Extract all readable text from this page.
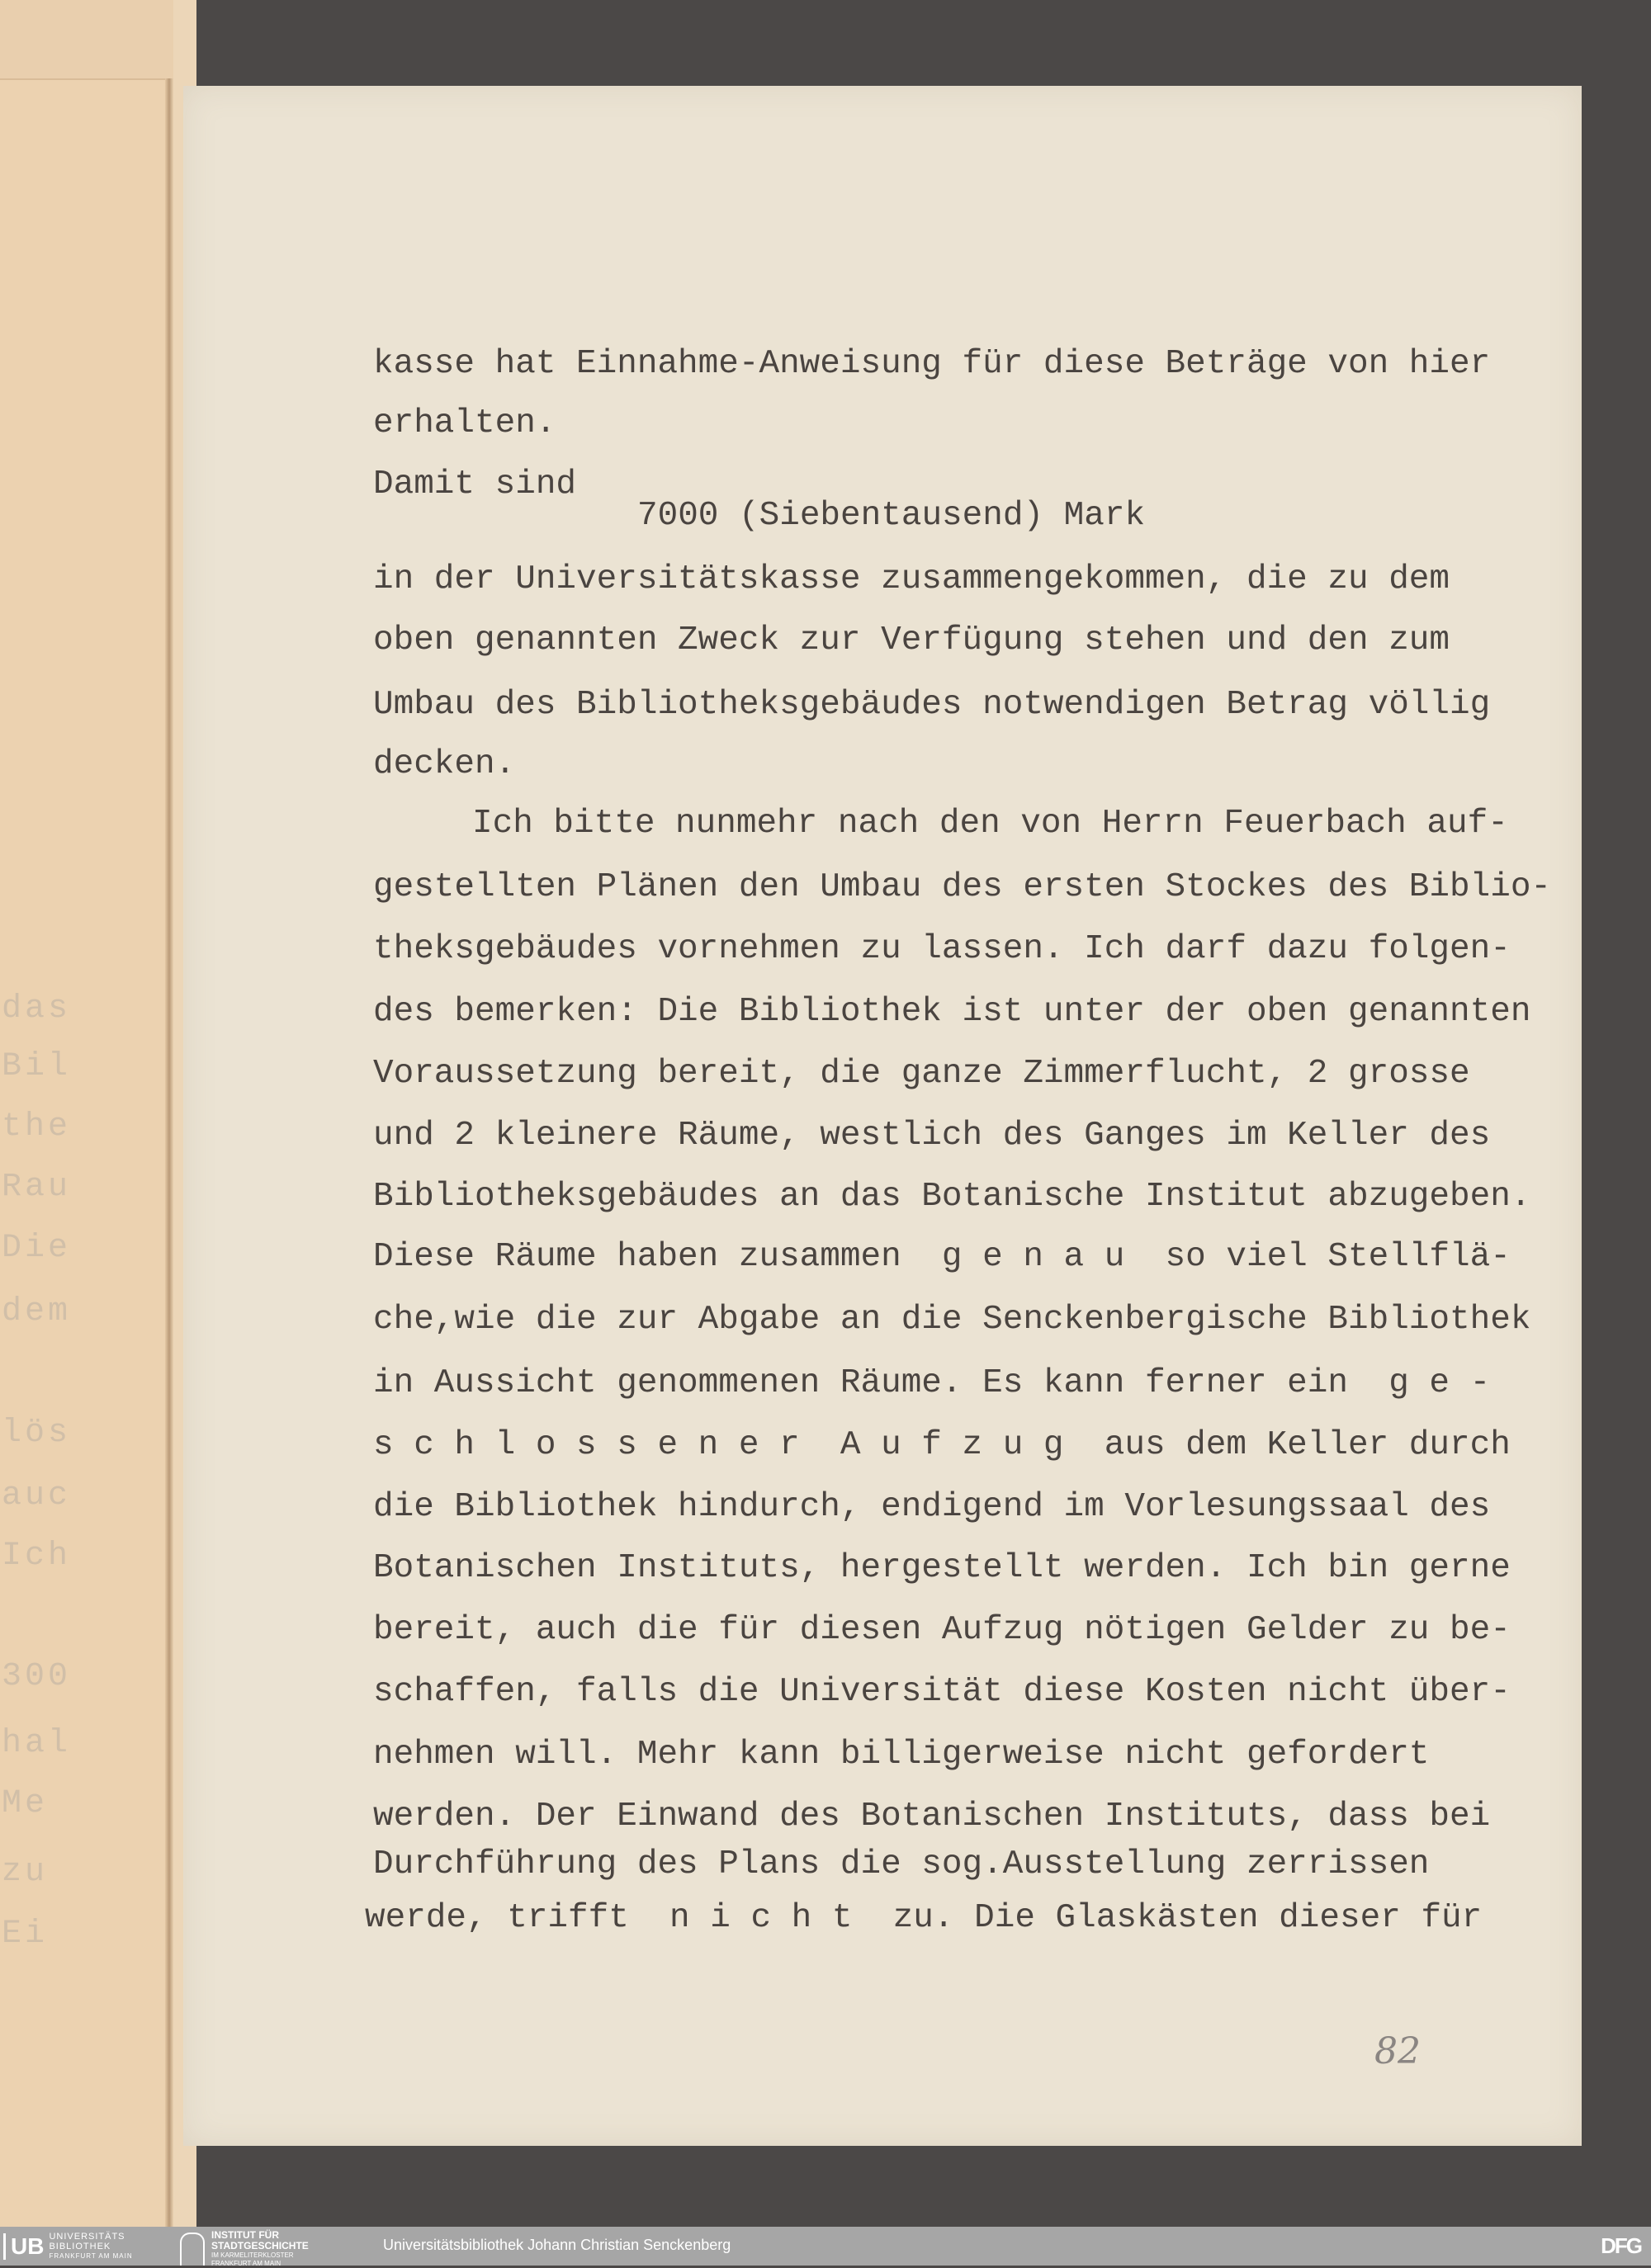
das
Bil
the
Rau
Die
dem
lös
auc
Ich
300
hal
Me
zu
Ei
kasse hat Einnahme-Anweisung für diese Beträge von hier
erhalten.
Damit sind
7000 (Siebentausend) Mark
in der Universitätskasse zusammengekommen, die zu dem
oben genannten Zweck zur Verfügung stehen und den zum
Umbau des Bibliotheksgebäudes notwendigen Betrag völlig
decken.
Ich bitte nunmehr nach den von Herrn Feuerbach auf-
gestellten Plänen den Umbau des ersten Stockes des Biblio-
theksgebäudes vornehmen zu lassen. Ich darf dazu folgen-
des bemerken: Die Bibliothek ist unter der oben genannten
Voraussetzung bereit, die ganze Zimmerflucht, 2 grosse
und 2 kleinere Räume, westlich des Ganges im Keller des
Bibliotheksgebäudes an das Botanische Institut abzugeben.
Diese Räume haben zusammen  g e n a u  so viel Stellflä-
che,wie die zur Abgabe an die Senckenbergische Bibliothek
in Aussicht genommenen Räume. Es kann ferner ein  g e -
s c h l o s s e n e r  A u f z u g  aus dem Keller durch
die Bibliothek hindurch, endigend im Vorlesungssaal des
Botanischen Instituts, hergestellt werden. Ich bin gerne
bereit, auch die für diesen Aufzug nötigen Gelder zu be-
schaffen, falls die Universität diese Kosten nicht über-
nehmen will. Mehr kann billigerweise nicht gefordert
werden. Der Einwand des Botanischen Instituts, dass bei
Durchführung des Plans die sog.Ausstellung zerrissen
werde, trifft  n i c h t  zu. Die Glaskästen dieser für
82
UB UNIVERSITÄTS
BIBLIOTHEK
FRANKFURT AM MAIN
INSTITUT FÜR
STADTGESCHICHTE
IM KARMELITERKLOSTER
FRANKFURT AM MAIN
Universitätsbibliothek Johann Christian Senckenberg	DFG
